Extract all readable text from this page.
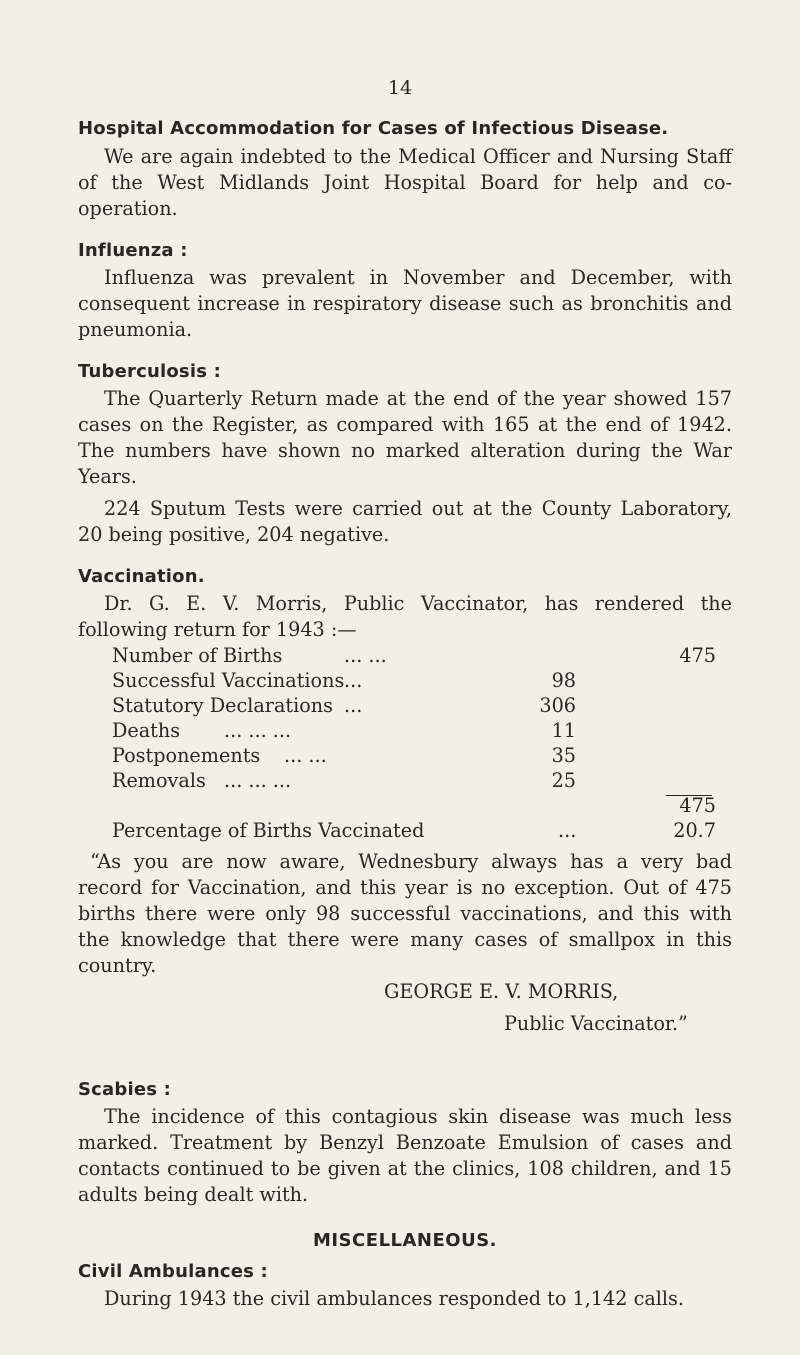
14

Hospital Accommodation for Cases of Infectious Disease.

We are again indebted to the Medical Officer and Nursing Staff of the West Midlands Joint Hospital Board for help and co-operation.

Influenza :

Influenza was prevalent in November and December, with consequent increase in respiratory disease such as bronchitis and pneumonia.

Tuberculosis :

The Quarterly Return made at the end of the year showed 157 cases on the Register, as compared with 165 at the end of 1942. The numbers have shown no marked alteration during the War Years.

224 Sputum Tests were carried out at the County Laboratory, 20 being positive, 204 negative.

Vaccination.

Dr. G. E. V. Morris, Public Vaccinator, has rendered the following return for 1943 :—

Number of Births	... ...	475
Successful Vaccinations ...	98
Statutory Declarations ...	306
Deaths ... ... ...	11
Postponements ... ...	35
Removals ... ... ...	25
475
Percentage of Births Vaccinated	...	20.7

“As you are now aware, Wednesbury always has a very bad record for Vaccination, and this year is no exception. Out of 475 births there were only 98 successful vaccinations, and this with the knowledge that there were many cases of smallpox in this country.

GEORGE E. V. MORRIS,
Public Vaccinator.”

Scabies :

The incidence of this contagious skin disease was much less marked. Treatment by Benzyl Benzoate Emulsion of cases and contacts continued to be given at the clinics, 108 children, and 15 adults being dealt with.

MISCELLANEOUS.

Civil Ambulances :

During 1943 the civil ambulances responded to 1,142 calls.
